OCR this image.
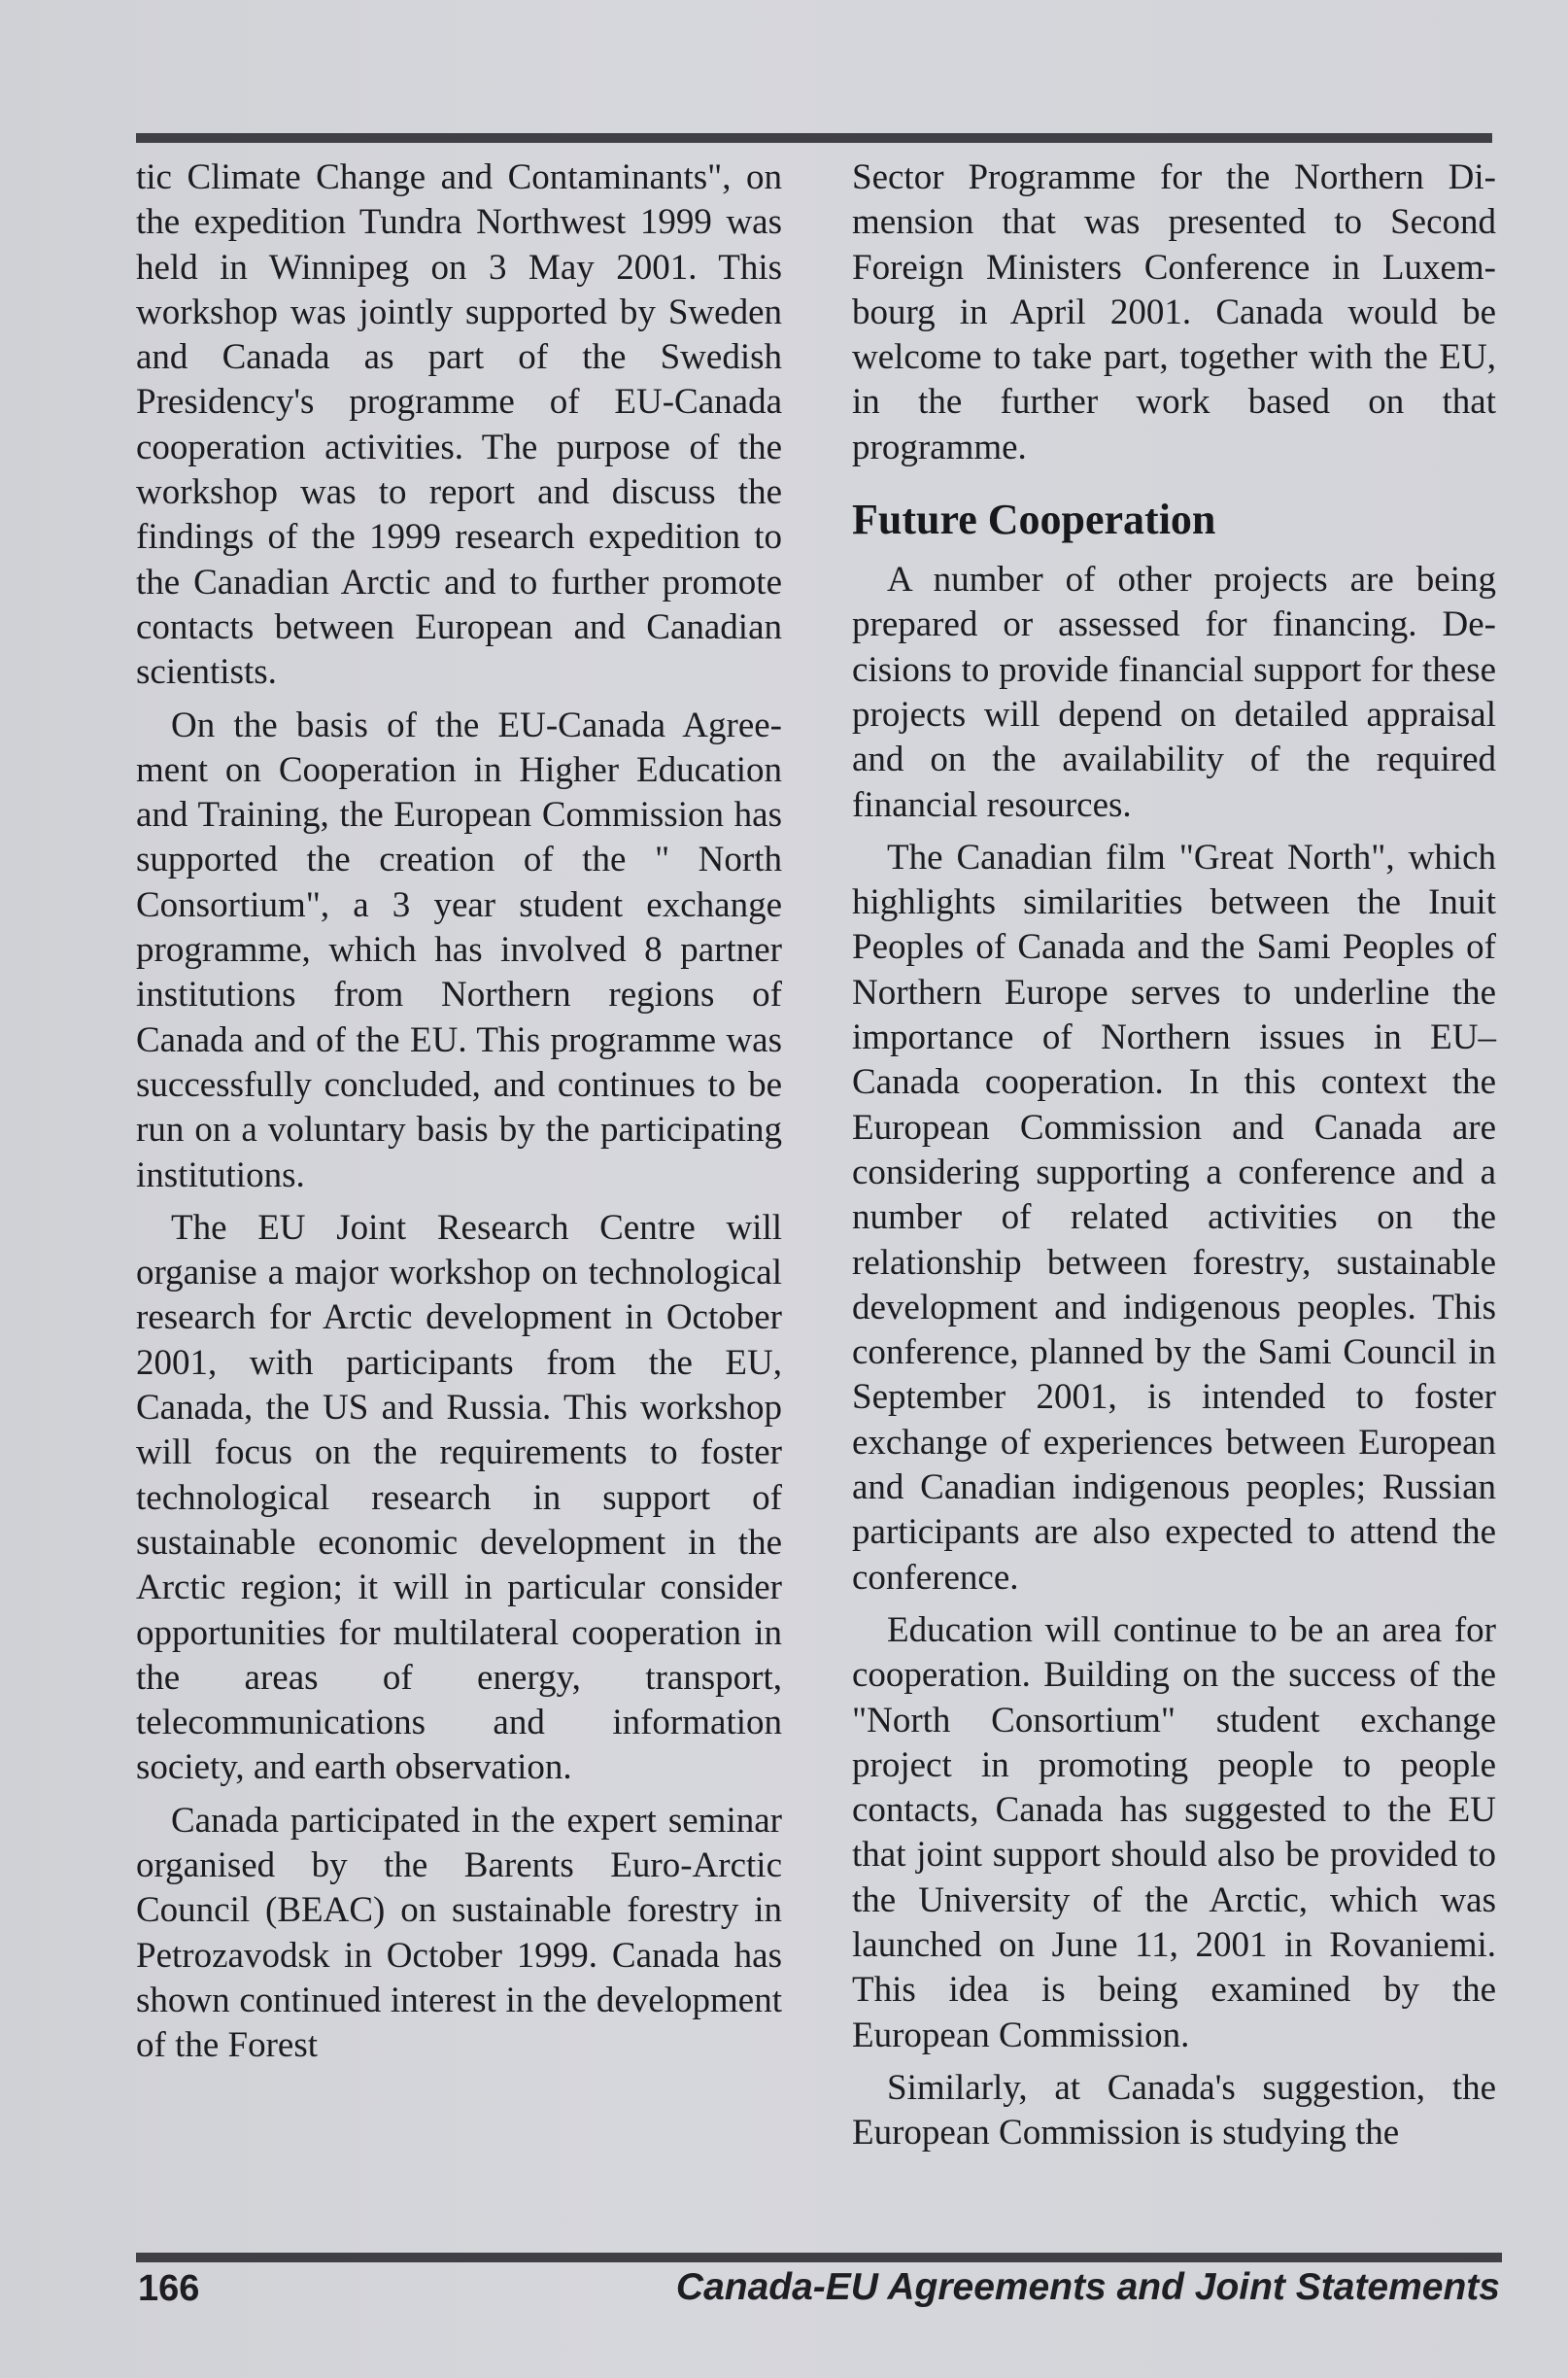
tic Climate Change and Contaminants", on the expedition Tundra Northwest 1999 was held in Winnipeg on 3 May 2001. This workshop was jointly supported by Sweden and Canada as part of the Swedish Presidency's programme of EU-Canada cooperation activities. The purpose of the workshop was to report and discuss the findings of the 1999 research expedition to the Canadian Arctic and to further promote contacts between European and Canadian scientists.

On the basis of the EU-Canada Agreement on Cooperation in Higher Education and Training, the European Commission has supported the creation of the " North Consortium", a 3 year student exchange programme, which has involved 8 partner institutions from Northern regions of Canada and of the EU. This programme was successfully concluded, and continues to be run on a voluntary basis by the participating institutions.

The EU Joint Research Centre will organise a major workshop on technological research for Arctic development in October 2001, with participants from the EU, Canada, the US and Russia. This workshop will focus on the requirements to foster technological research in support of sustainable economic development in the Arctic region; it will in particular consider opportunities for multilateral cooperation in the areas of energy, transport, telecommunications and information society, and earth observation.

Canada participated in the expert seminar organised by the Barents Euro-Arctic Council (BEAC) on sustainable forestry in Petrozavodsk in October 1999. Canada has shown continued interest in the development of the Forest

Sector Programme for the Northern Dimension that was presented to Second Foreign Ministers Conference in Luxembourg in April 2001. Canada would be welcome to take part, together with the EU, in the further work based on that programme.

Future Cooperation

A number of other projects are being prepared or assessed for financing. Decisions to provide financial support for these projects will depend on detailed appraisal and on the availability of the required financial resources.

The Canadian film "Great North", which highlights similarities between the Inuit Peoples of Canada and the Sami Peoples of Northern Europe serves to underline the importance of Northern issues in EU–Canada cooperation. In this context the European Commission and Canada are considering supporting a conference and a number of related activities on the relationship between forestry, sustainable development and indigenous peoples. This conference, planned by the Sami Council in September 2001, is intended to foster exchange of experiences between European and Canadian indigenous peoples; Russian participants are also expected to attend the conference.

Education will continue to be an area for cooperation. Building on the success of the "North Consortium" student exchange project in promoting people to people contacts, Canada has suggested to the EU that joint support should also be provided to the University of the Arctic, which was launched on June 11, 2001 in Rovaniemi. This idea is being examined by the European Commission.

Similarly, at Canada's suggestion, the European Commission is studying the

166	Canada-EU Agreements and Joint Statements
